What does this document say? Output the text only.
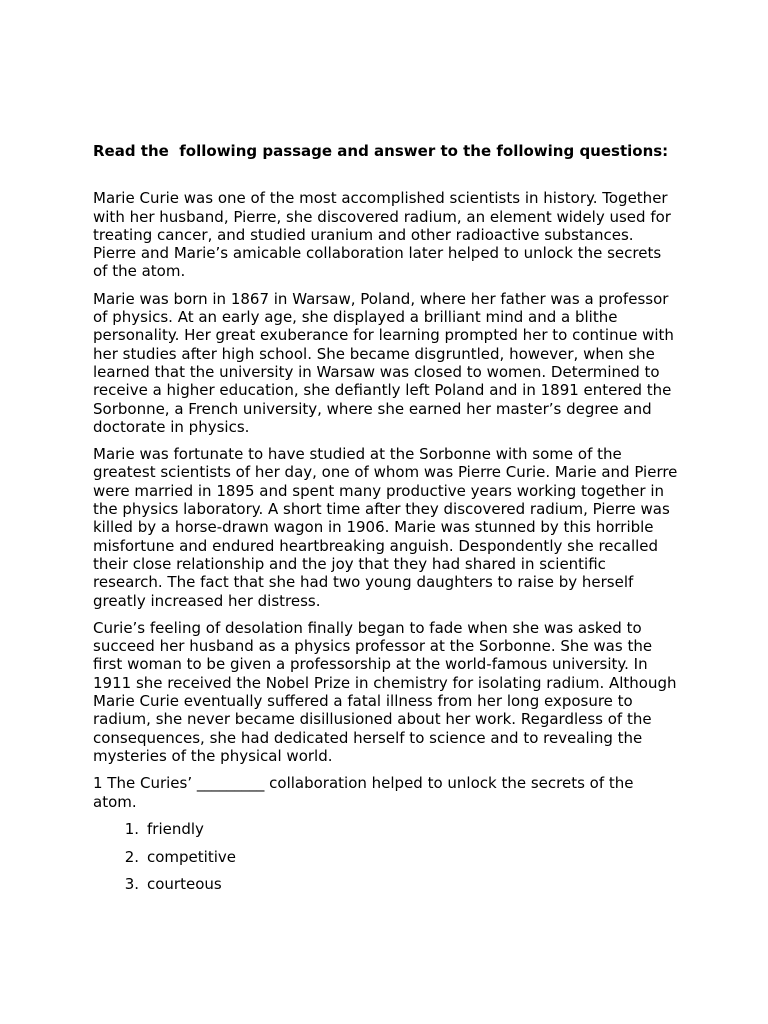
Read the  following passage and answer to the following questions:

Marie Curie was one of the most accomplished scientists in history. Together with her husband, Pierre, she discovered radium, an element widely used for treating cancer, and studied uranium and other radioactive substances. Pierre and Marie’s amicable collaboration later helped to unlock the secrets of the atom.

Marie was born in 1867 in Warsaw, Poland, where her father was a professor of physics. At an early age, she displayed a brilliant mind and a blithe personality. Her great exuberance for learning prompted her to continue with her studies after high school. She became disgruntled, however, when she learned that the university in Warsaw was closed to women. Determined to receive a higher education, she defiantly left Poland and in 1891 entered the Sorbonne, a French university, where she earned her master’s degree and doctorate in physics.

Marie was fortunate to have studied at the Sorbonne with some of the greatest scientists of her day, one of whom was Pierre Curie. Marie and Pierre were married in 1895 and spent many productive years working together in the physics laboratory. A short time after they discovered radium, Pierre was killed by a horse-drawn wagon in 1906. Marie was stunned by this horrible misfortune and endured heartbreaking anguish. Despondently she recalled their close relationship and the joy that they had shared in scientific research. The fact that she had two young daughters to raise by herself greatly increased her distress.

Curie’s feeling of desolation finally began to fade when she was asked to succeed her husband as a physics professor at the Sorbonne. She was the first woman to be given a professorship at the world-famous university. In 1911 she received the Nobel Prize in chemistry for isolating radium. Although Marie Curie eventually suffered a fatal illness from her long exposure to radium, she never became disillusioned about her work. Regardless of the consequences, she had dedicated herself to science and to revealing the mysteries of the physical world.

1 The Curies’ _________ collaboration helped to unlock the secrets of the atom.

1. friendly
2. competitive
3. courteous
